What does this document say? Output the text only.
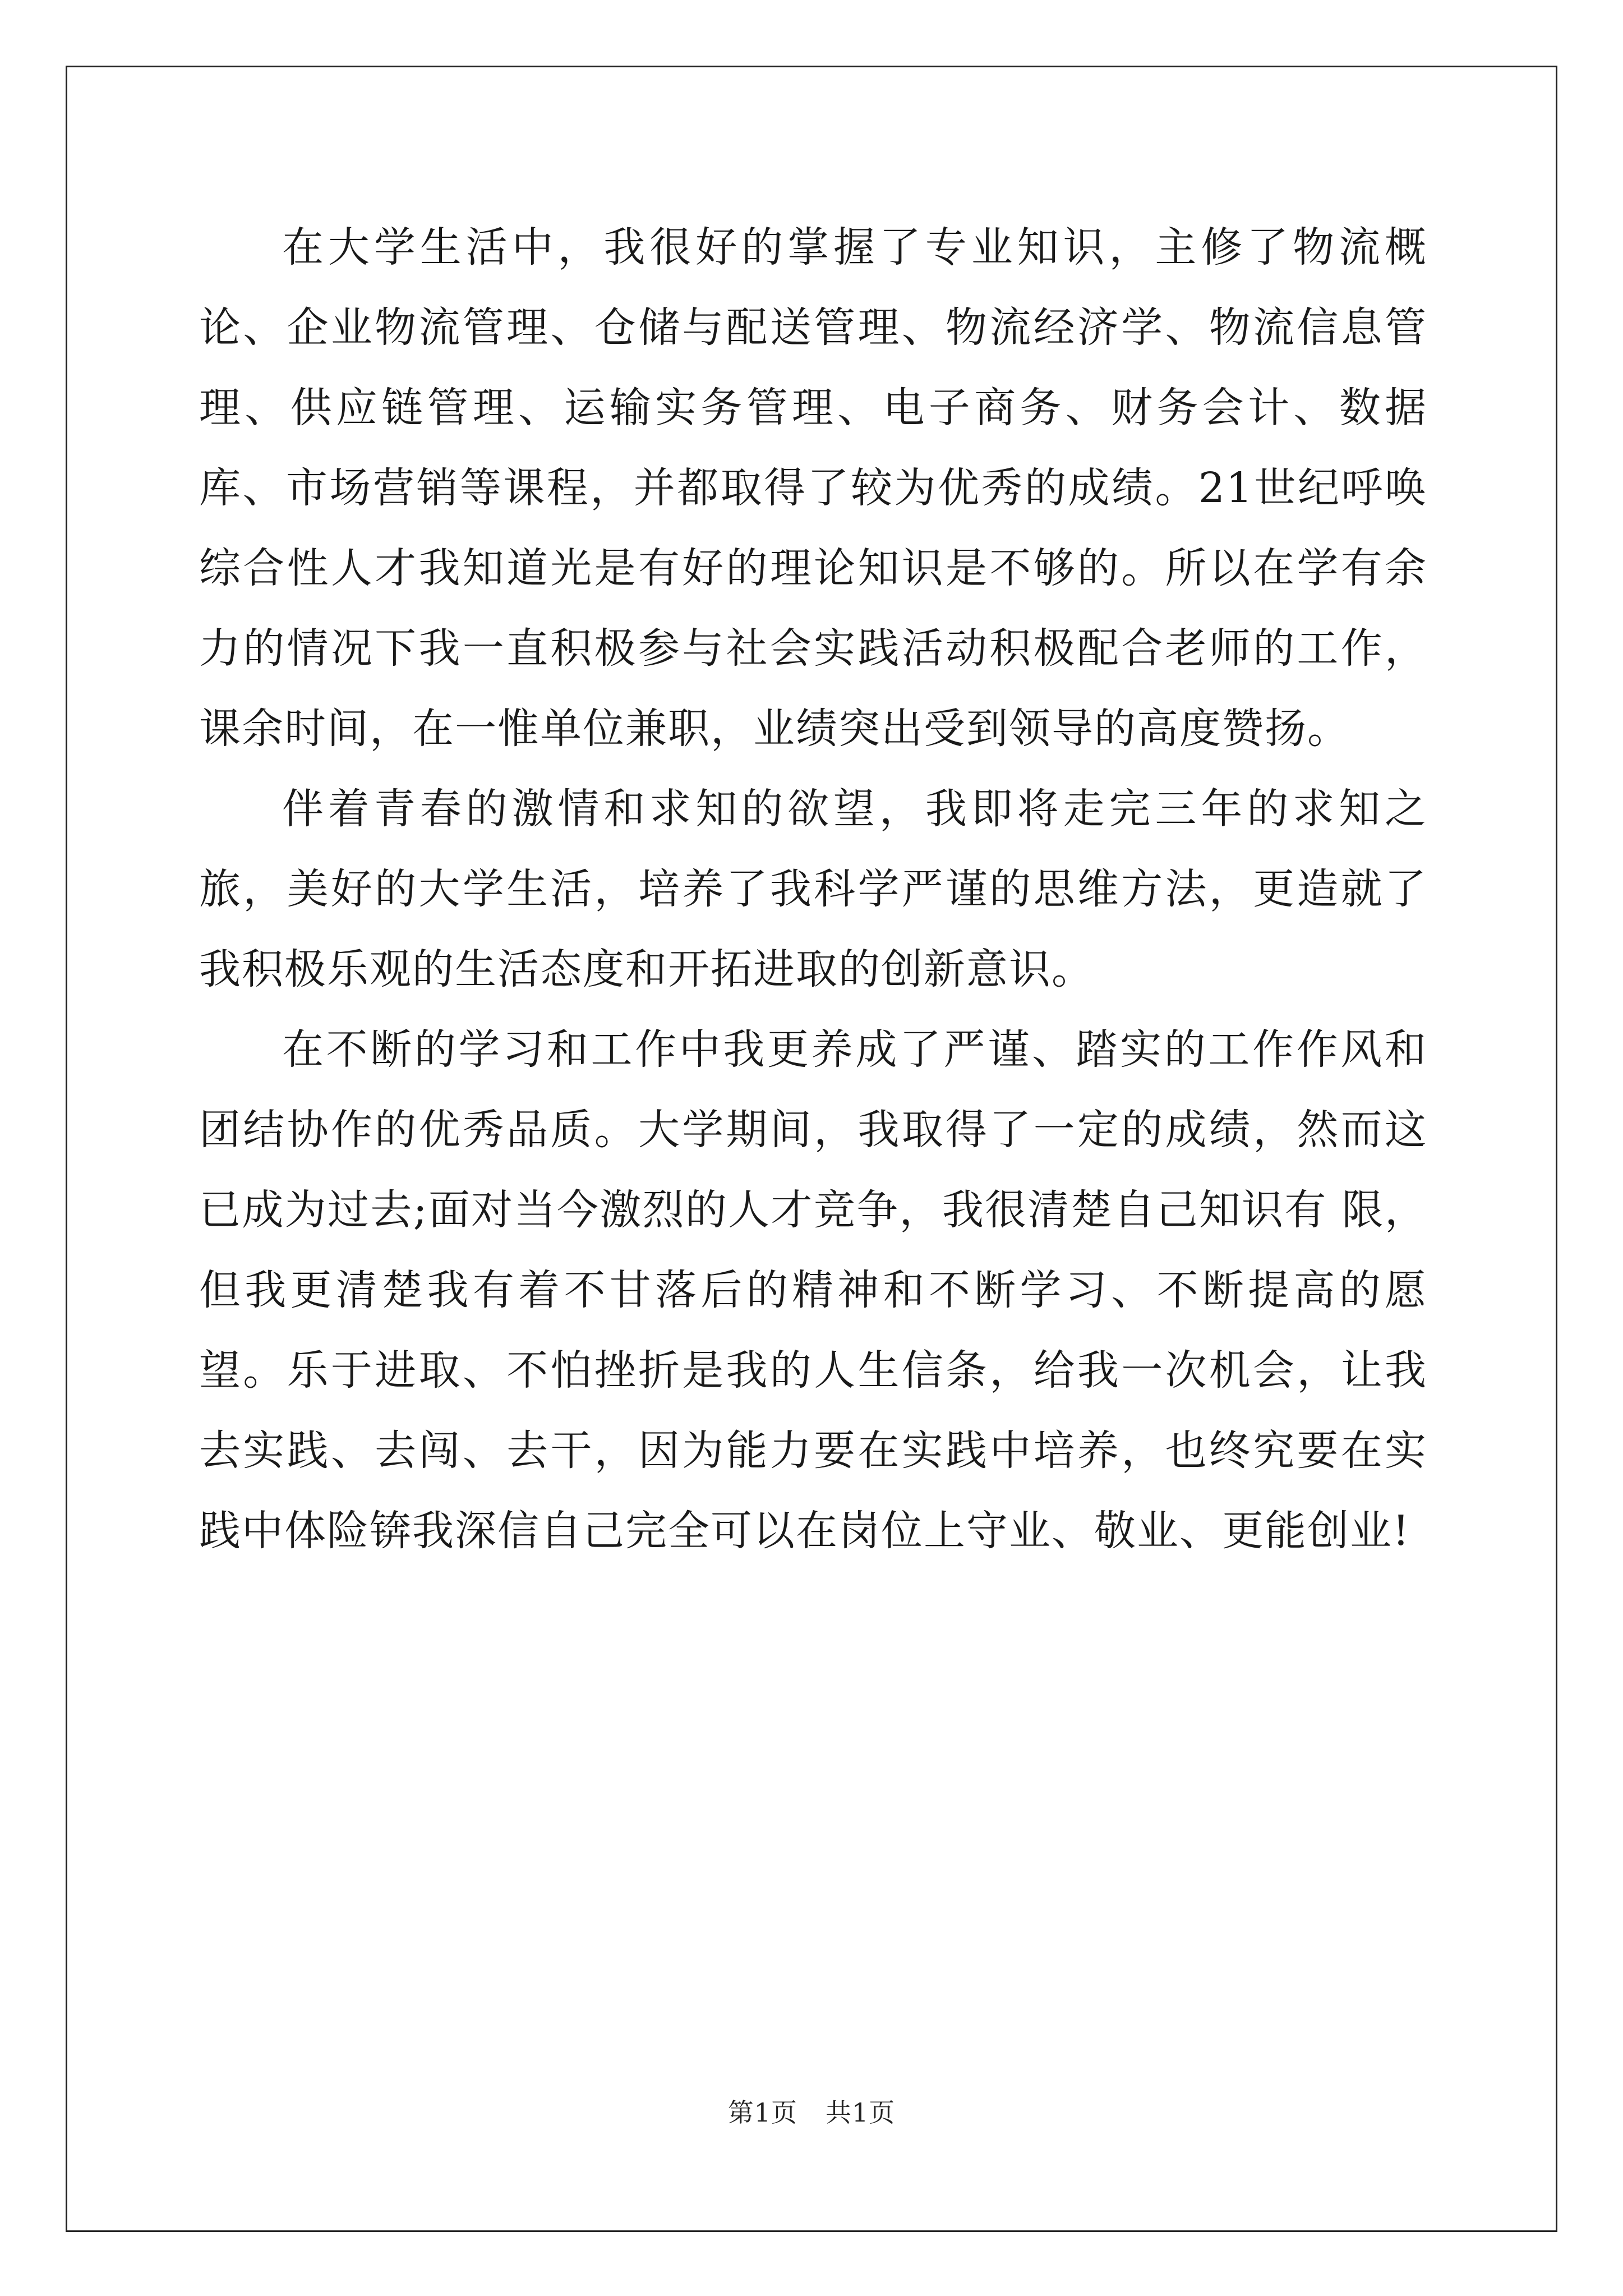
在大学生活中，我很好的掌握了专业知识，主修了物流概论、企业物流管理、仓储与配送管理、物流经济学、物流信息管理、供应链管理、运输实务管理、电子商务、财务会计、数据库、市场营销等课程，并都取得了较为优秀的成绩。21世纪呼唤综合性人才我知道光是有好的理论知识是不够的。所以在学有余力的情况下我一直积极参与社会实践活动积极配合老师的工作，课余时间，在一惟单位兼职，业绩突出受到领导的高度赞扬。

伴着青春的激情和求知的欲望，我即将走完三年的求知之旅，美好的大学生活，培养了我科学严谨的思维方法，更造就了我积极乐观的生活态度和开拓进取的创新意识。

在不断的学习和工作中我更养成了严谨、踏实的工作作风和团结协作的优秀品质。大学期间，我取得了一定的成绩，然而这已成为过去;面对当今激烈的人才竞争，我很清楚自己知识有 限，但我更清楚我有着不甘落后的精神和不断学习、不断提高的愿望。乐于进取、不怕挫折是我的人生信条，给我一次机会，让我去实践、去闯、去干，因为能力要在实践中培养，也终究要在实践中体险锛我深信自己完全可以在岗位上守业、敬业、更能创业!

第1页 共1页
